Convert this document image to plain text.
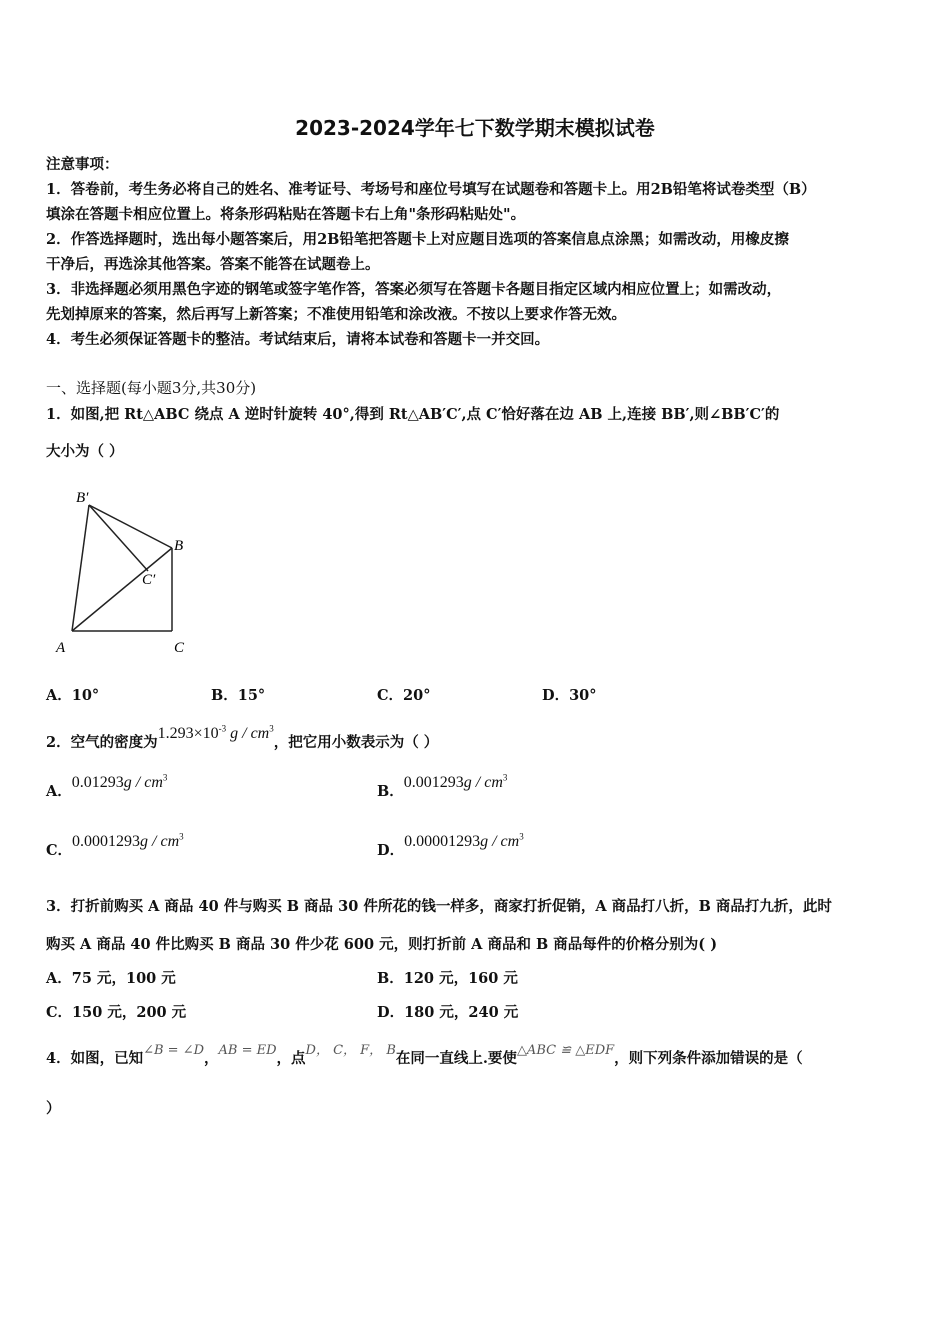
2023-2024学年七下数学期末模拟试卷
注意事项：
1．答卷前，考生务必将自己的姓名、准考证号、考场号和座位号填写在试题卷和答题卡上。用2B铅笔将试卷类型（B）
填涂在答题卡相应位置上。将条形码粘贴在答题卡右上角"条形码粘贴处"。
2．作答选择题时，选出每小题答案后，用2B铅笔把答题卡上对应题目选项的答案信息点涂黑；如需改动，用橡皮擦
干净后，再选涂其他答案。答案不能答在试题卷上。
3．非选择题必须用黑色字迹的钢笔或签字笔作答，答案必须写在答题卡各题目指定区域内相应位置上；如需改动，
先划掉原来的答案，然后再写上新答案；不准使用铅笔和涂改液。不按以上要求作答无效。
4．考生必须保证答题卡的整洁。考试结束后，请将本试卷和答题卡一并交回。
一、选择题(每小题3分,共30分)
1．如图,把 Rt△ABC 绕点 A 逆时针旋转 40°,得到 Rt△AB′C′,点 C′恰好落在边 AB 上,连接 BB′,则∠BB′C′的
大小为（ ）
B′
B
C′
A	C
A．10°	B．15°	C．20°	D．30°
2．空气的密度为$1.293\times 10^{-3}$ g / $cm^3$，把它用小数表示为（ ）
A．$0.01293g / cm^3$
B．$0.001293g / cm^3$
C．$0.0001293g / cm^3$
D．$0.00001293g / cm^3$
3．打折前购买 A 商品 40 件与购买 B 商品 30 件所花的钱一样多，商家打折促销，A 商品打八折，B 商品打九折，此时
购买 A 商品 40 件比购买 B 商品 30 件少花 600 元，则打折前 A 商品和 B 商品每件的价格分别为( )
A．75 元，100 元	B．120 元，160 元
C．150 元，200 元	D．180 元，240 元
4．如图，已知∠B = ∠D，AB = ED，点D， C， F， B在同一直线上.要使△ABC ≌ △EDF，则下列条件添加错误的是（
）
